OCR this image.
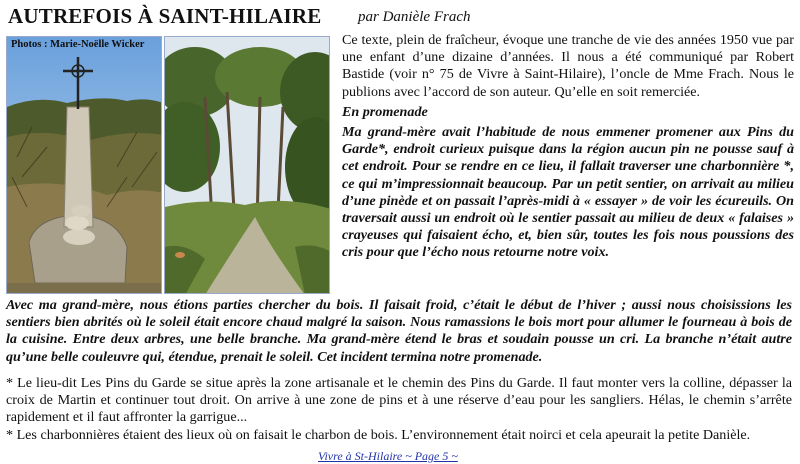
AUTREFOIS À SAINT-HILAIRE par Danièle Frach
Photos : Marie-Noëlle Wicker	Ce texte, plein de fraîcheur, évoque une tranche de vie des années 1950 vue par une enfant d’une dizaine d’années. Il nous a été communiqué par Robert Bastide (voir n° 75 de Vivre à Saint-Hilaire), l’oncle de Mme Frach. Nous le publions avec l’accord de son auteur. Qu’elle en soit remerciée.

En promenade

Ma grand-mère avait l’habitude de nous emmener promener aux Pins du Garde*, endroit curieux puisque dans la région aucun pin ne pousse sauf à cet endroit. Pour se rendre en ce lieu, il fallait traverser une charbonnière *, ce qui m’impressionnait beaucoup. Par un petit sentier, on arrivait au milieu d’une pinède et on passait l’après-midi à « essayer » de voir les écureuils. On traversait aussi un endroit où le sentier passait au milieu de deux « falaises » crayeuses qui faisaient écho, et, bien sûr, toutes les fois nous poussions des cris pour que l’écho nous retourne notre voix.

Avec ma grand-mère, nous étions parties chercher du bois. Il faisait froid, c’était le début de l’hiver ; aussi nous choisissions les sentiers bien abrités où le soleil était encore chaud malgré la saison. Nous ramassions le bois mort pour allumer le fourneau à bois de la cuisine. Entre deux arbres, une belle branche. Ma grand-mère étend le bras et soudain pousse un cri. La branche n’était autre qu’une belle couleuvre qui, étendue, prenait le soleil. Cet incident termina notre promenade.

* Le lieu-dit Les Pins du Garde se situe après la zone artisanale et le chemin des Pins du Garde. Il faut monter vers la colline, dépasser la croix de Martin et continuer tout droit. On arrive à une zone de pins et à une réserve d’eau pour les sangliers. Hélas, le chemin s’arrête rapidement et il faut affronter la garrigue...

* Les charbonnières étaient des lieux où on faisait le charbon de bois. L’environnement était noirci et cela apeurait la petite Danièle.

Vivre à St-Hilaire ~ Page 5 ~
